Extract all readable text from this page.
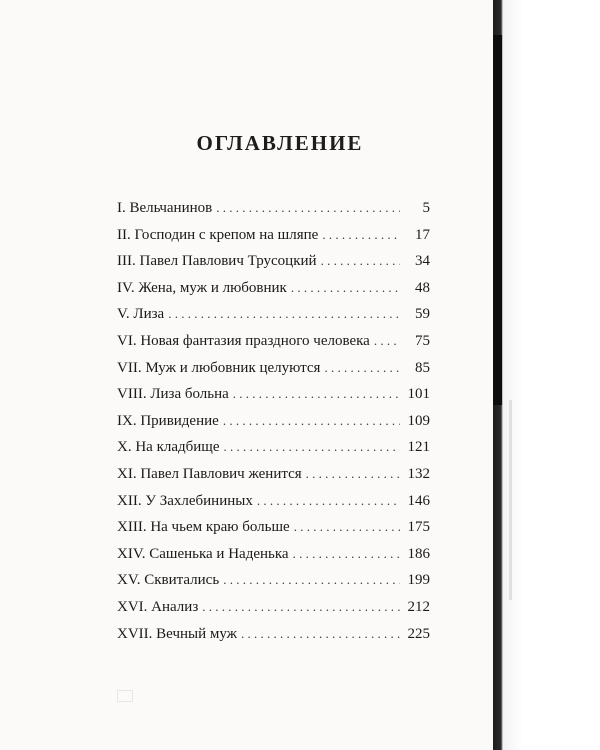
ОГЛАВЛЕНИЕ
I. Вельчанинов . . .	5
II. Господин с крепом на шляпе . . .	17
III. Павел Павлович Трусоцкий . . .	34
IV. Жена, муж и любовник . . .	48
V. Лиза . . .	59
VI. Новая фантазия праздного человека . . .	75
VII. Муж и любовник целуются . . .	85
VIII. Лиза больна . . .	101
IX. Привидение . . .	109
X. На кладбище . . .	121
XI. Павел Павлович женится . . .	132
XII. У Захлебининых . . .	146
XIII. На чьем краю больше . . .	175
XIV. Сашенька и Наденька . . .	186
XV. Сквитались . . .	199
XVI. Анализ . . .	212
XVII. Вечный муж . . .	225
